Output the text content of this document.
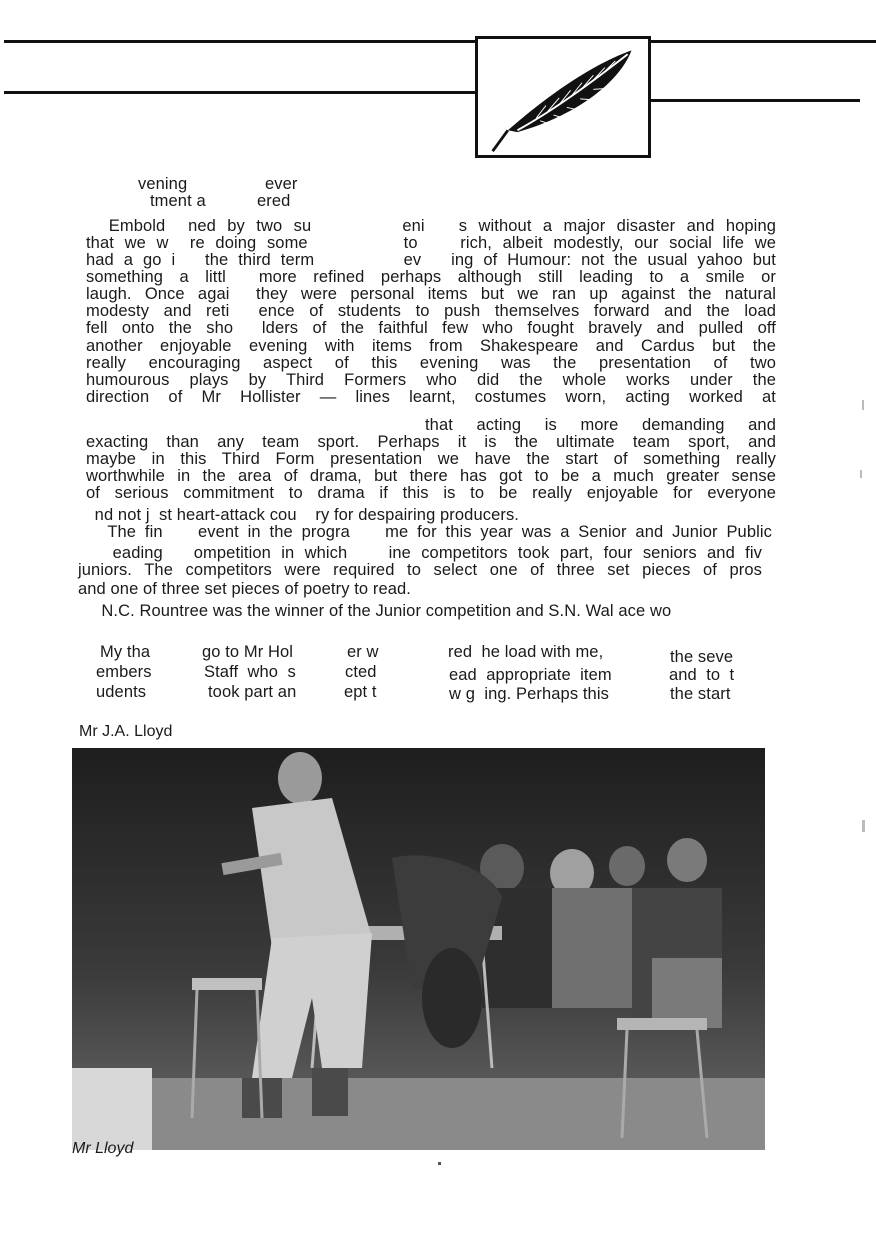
vening	ever
tment a	ered
Embold  ned by two su        eni   s without a major disaster and hoping
that we w  re doing some         to    rich, albeit modestly, our social life we
had a go i   the third term         ev   ing of Humour: not the usual yahoo but
something a littl  more refined perhaps although still leading to a smile or
laugh. Once agai  they were personal items but we ran up against the natural
modesty and reti  ence of students to push themselves forward and the load
fell onto the sho  lders of the faithful few who fought bravely and pulled off
another enjoyable evening with items from Shakespeare and Cardus but the
really encouraging aspect of this evening was the presentation of two
humourous plays by Third Formers who did the whole works under the
direction of Mr Hollister — lines learnt, costumes worn, acting worked at
that  acting  is  more  demanding  and
exacting than any team sport. Perhaps it is the ultimate team sport, and
maybe in this Third Form presentation we have the start of something really
worthwhile in the area of drama, but there has got to be a much greater sense
of serious commitment to drama if this is to be really enjoyable for everyone
nd not j  st heart-attack cou    ry for despairing producers.
The fin    event in the progra    me for this year was a Senior and Junior Public
eading   ompetition in which    ine competitors took part, four seniors and fiv
juniors. The competitors were required to select one of three set pieces of pros
and one of three set pieces of poetry to read.
N.C. Rountree was the winner of the Junior competition and S.N. Wal ace wo
My tha	go to Mr Hol	er w	red  he load with me,	the seve
embers	Staff  who  s	cted	ead  appropriate  item	and  to  t
udents	took part an	ept t	w g  ing. Perhaps this	the start
Mr J.A. Lloyd
Mr Lloyd
